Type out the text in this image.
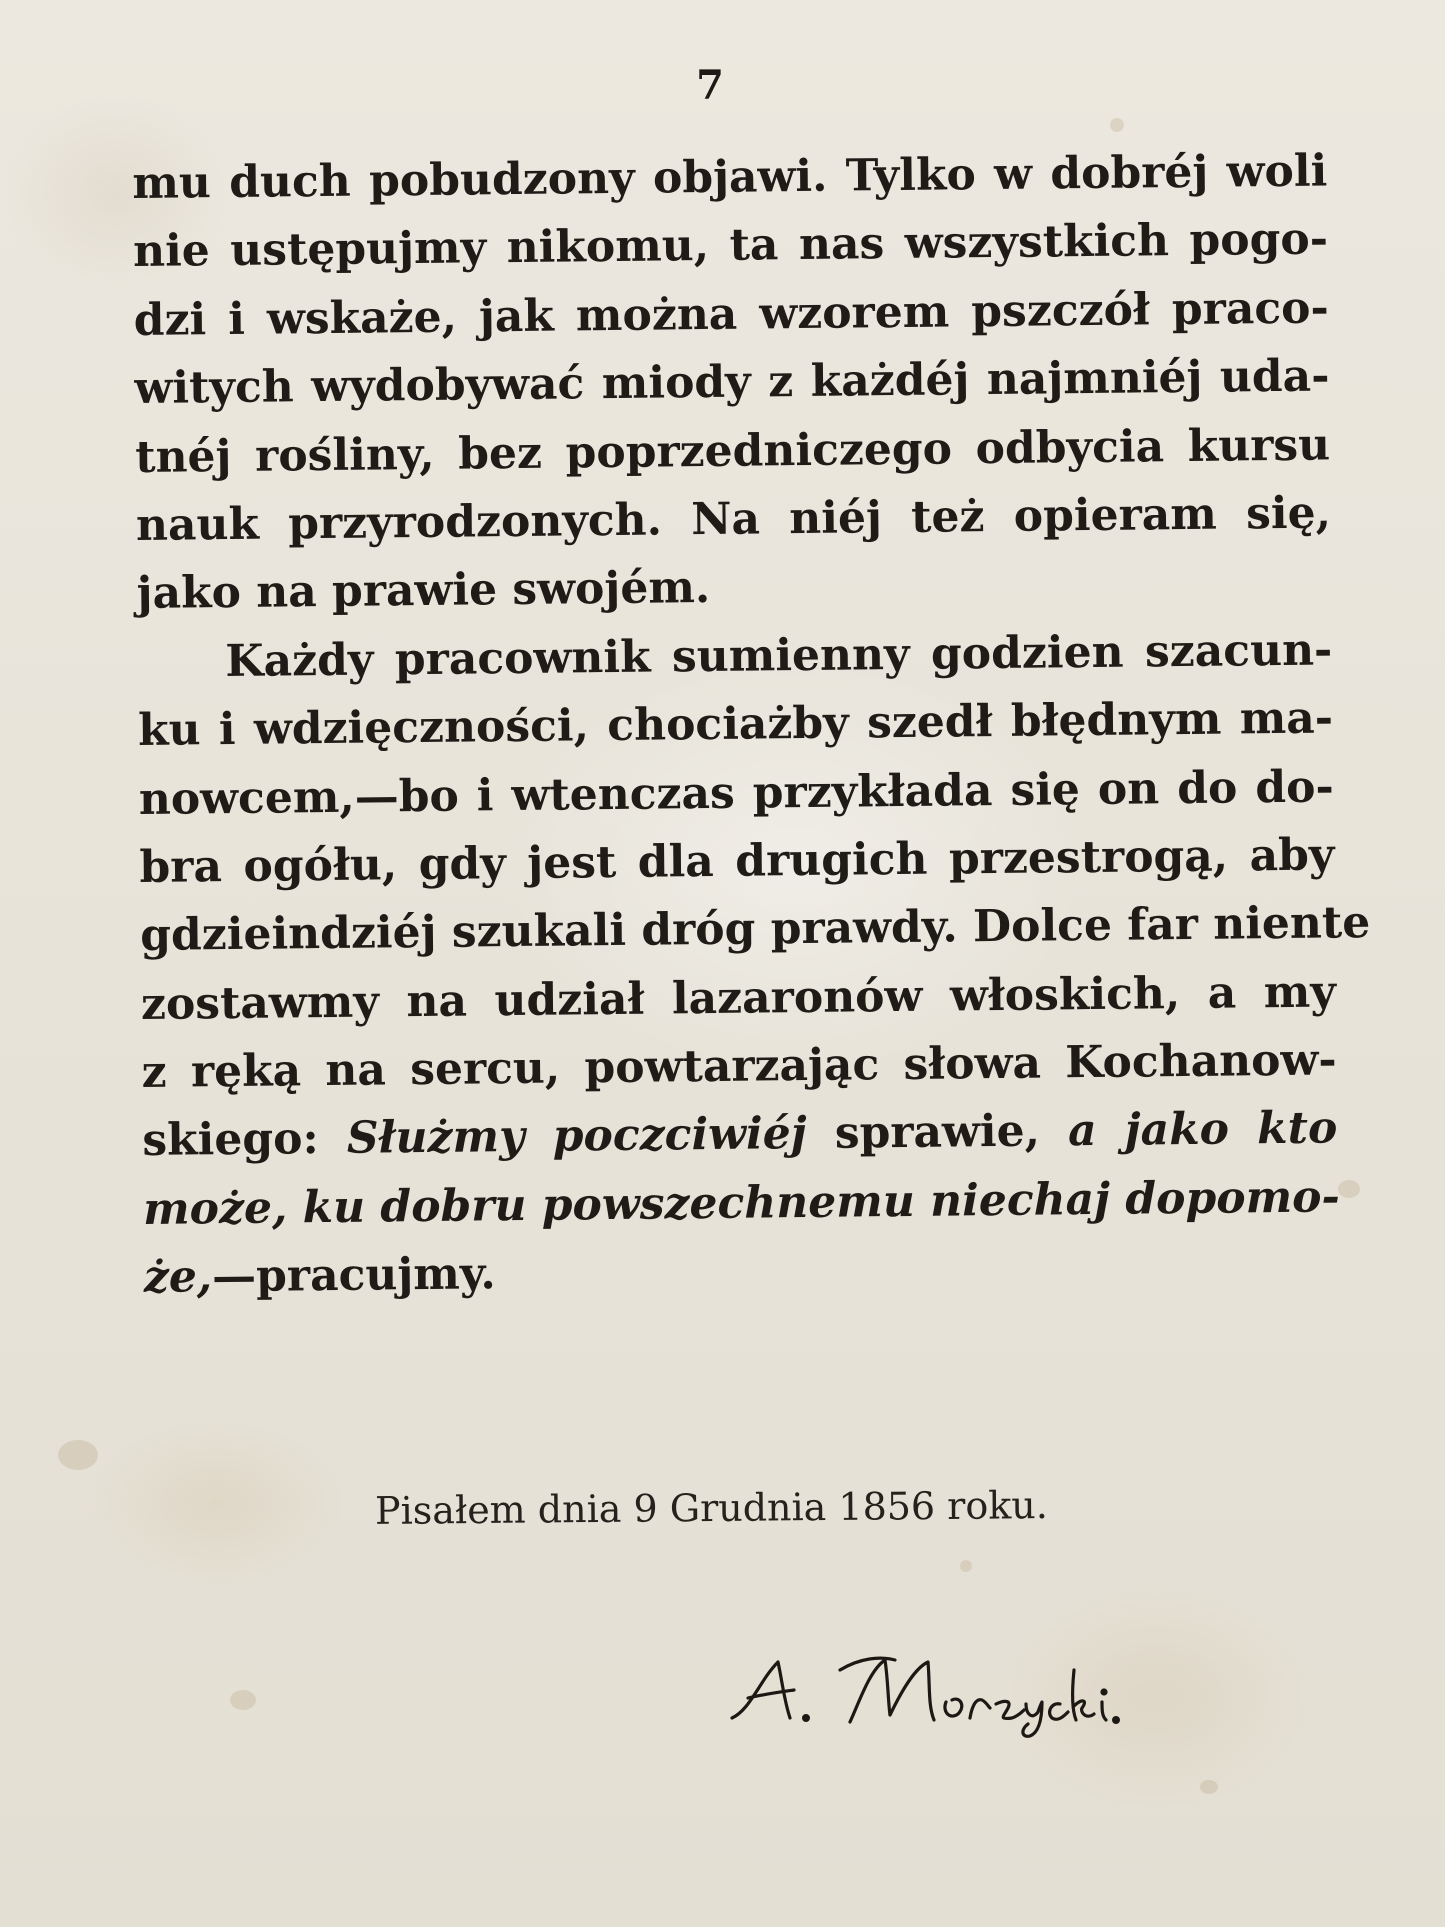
7
mu duch pobudzony objawi. Tylko w dobréj woli
nie ustępujmy nikomu, ta nas wszystkich pogo-
dzi i wskaże, jak można wzorem pszczół praco-
witych wydobywać miody z każdéj najmniéj uda-
tnéj rośliny, bez poprzedniczego odbycia kursu
nauk przyrodzonych. Na niéj też opieram się,
jako na prawie swojém.
Każdy pracownik sumienny godzien szacun-
ku i wdzięczności, chociażby szedł błędnym ma-
nowcem,—bo i wtenczas przykłada się on do do-
bra ogółu, gdy jest dla drugich przestrogą, aby
gdzieindziéj szukali dróg prawdy. Dolce far niente
zostawmy na udział lazaronów włoskich, a my
z ręką na sercu, powtarzając słowa Kochanow-
skiego: Służmy poczciwiéj sprawie, a jako kto
może, ku dobru powszechnemu niechaj dopomo-
że,—pracujmy.
Pisałem dnia 9 Grudnia 1856 roku.
